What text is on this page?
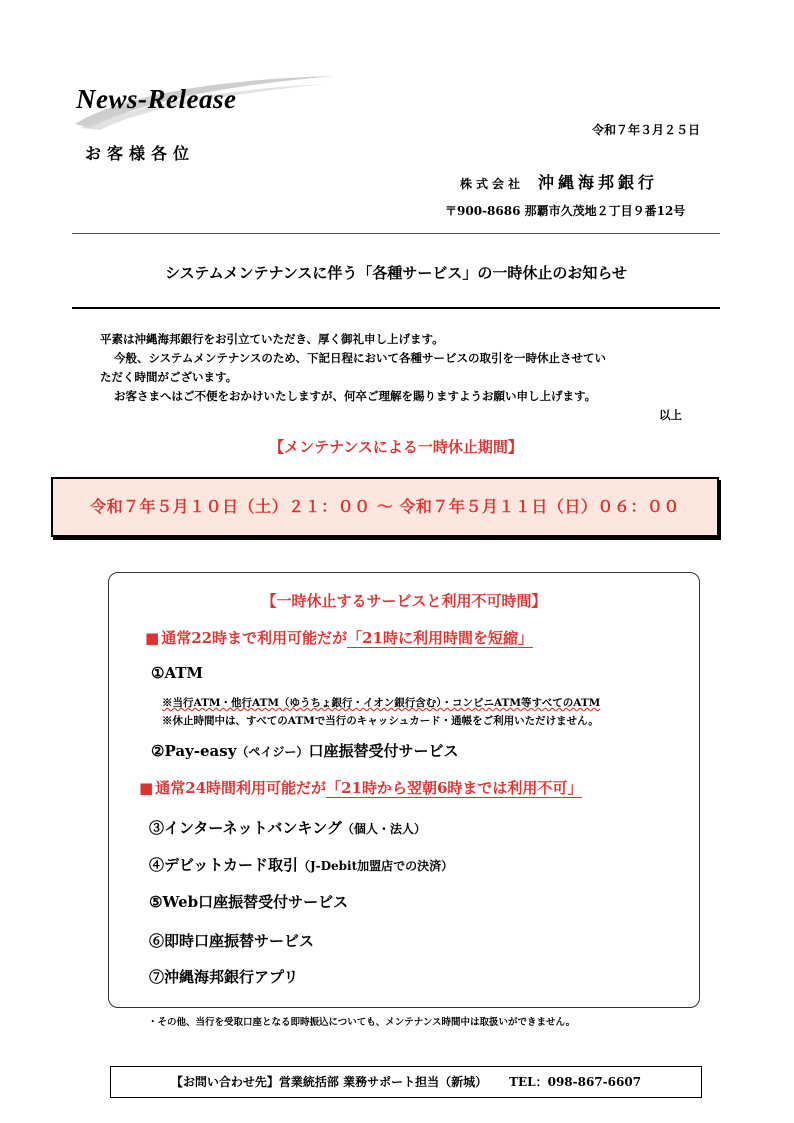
News-Release
令和７年３月２５日
お客様各位
株式会社 沖縄海邦銀行
〒900-8686 那覇市久茂地２丁目９番12号
システムメンテナンスに伴う「各種サービス」の一時休止のお知らせ

平素は沖縄海邦銀行をお引立ていただき、厚く御礼申し上げます。

今般、システムメンテナンスのため、下記日程において各種サービスの取引を一時休止させてい

ただく時間がございます。

お客さまへはご不便をおかけいたしますが、何卒ご理解を賜りますようお願い申し上げます。

以上

【メンテナンスによる一時休止期間】
令和７年５月１０日（土）２１：００ 〜 令和７年５月１１日（日）０６：００
【一時休止するサービスと利用不可時間】
■ 通常22時まで利用可能だが「21時に利用時間を短縮」
①ATM
※当行ATM・他行ATM（ゆうちょ銀行・イオン銀行含む）・コンビニATM等すべてのATM
※休止時間中は、すべてのATMで当行のキャッシュカード・通帳をご利用いただけません。
②Pay-easy（ペイジー）口座振替受付サービス
■ 通常24時間利用可能だが「21時から翌朝6時までは利用不可」
③インターネットバンキング（個人・法人）
④デビットカード取引（J-Debit加盟店での決済）
⑤Web口座振替受付サービス
⑥即時口座振替サービス
⑦沖縄海邦銀行アプリ
・その他、当行を受取口座となる即時振込についても、メンテナンス時間中は取扱いができません。
【お問い合わせ先】営業統括部 業務サポート担当（新城） TEL：098-867-6607
